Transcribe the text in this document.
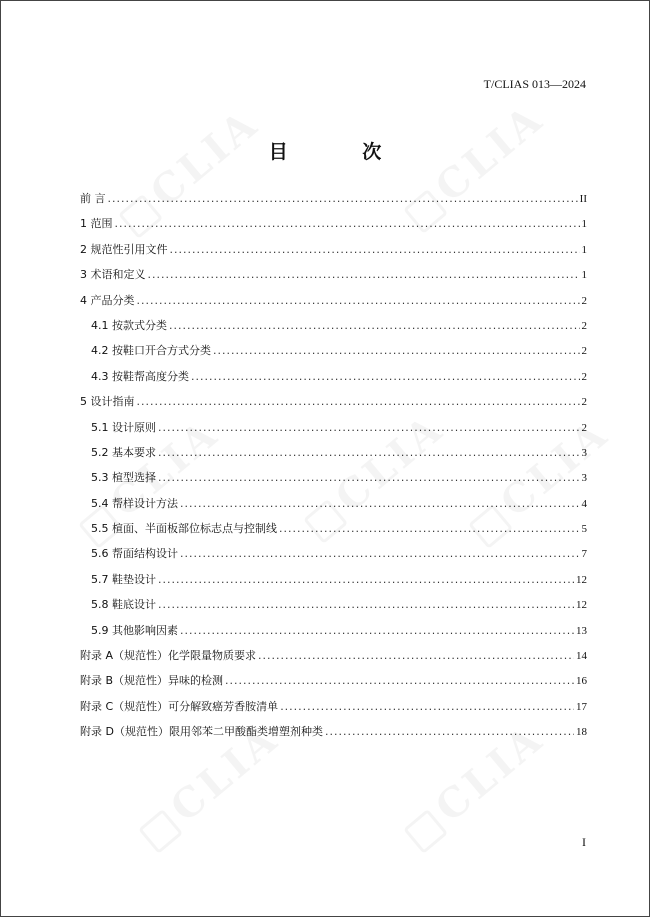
T/CLIAS 013—2024
目 次
前 言 .....	II
1 范围 .....	1
2 规范性引用文件 .....	1
3 术语和定义 .....	1
4 产品分类 .....	2
4.1 按款式分类 .....	2
4.2 按鞋口开合方式分类 .....	2
4.3 按鞋帮高度分类 .....	2
5 设计指南 .....	2
5.1 设计原则 .....	2
5.2 基本要求 .....	3
5.3 楦型选择 .....	3
5.4 帮样设计方法 .....	4
5.5 楦面、半面板部位标志点与控制线 .....	5
5.6 帮面结构设计 .....	7
5.7 鞋垫设计 .....	12
5.8 鞋底设计 .....	12
5.9 其他影响因素 .....	13
附录 A（规范性）化学限量物质要求 .....	14
附录 B（规范性）异味的检测 .....	16
附录 C（规范性）可分解致癌芳香胺清单 .....	17
附录 D（规范性）限用邻苯二甲酸酯类增塑剂种类 .....	18
I
